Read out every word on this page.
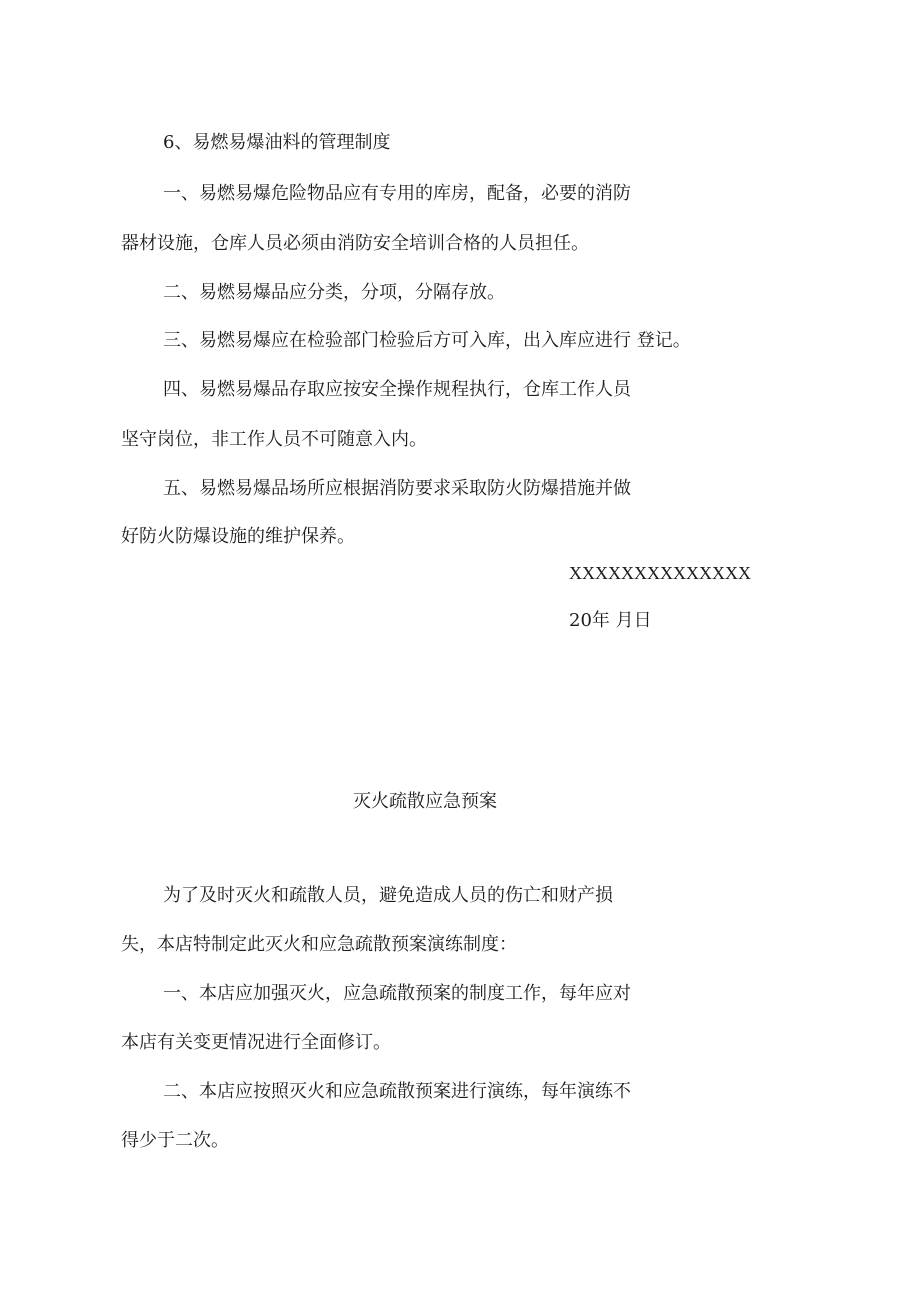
6、易燃易爆油料的管理制度

一、易燃易爆危险物品应有专用的库房，配备，必要的消防

器材设施，仓库人员必须由消防安全培训合格的人员担任。

二、易燃易爆品应分类，分项，分隔存放。

三、易燃易爆应在检验部门检验后方可入库，出入库应进行 登记。

四、易燃易爆品存取应按安全操作规程执行，仓库工作人员

坚守岗位，非工作人员不可随意入内。

五、易燃易爆品场所应根据消防要求采取防火防爆措施并做

好防火防爆设施的维护保养。

XXXXXXXXXXXXXX

20年 月日

灭火疏散应急预案

为了及时灭火和疏散人员，避免造成人员的伤亡和财产损

失，本店特制定此灭火和应急疏散预案演练制度：

一、本店应加强灭火，应急疏散预案的制度工作，每年应对

本店有关变更情况进行全面修订。

二、本店应按照灭火和应急疏散预案进行演练，每年演练不

得少于二次。
